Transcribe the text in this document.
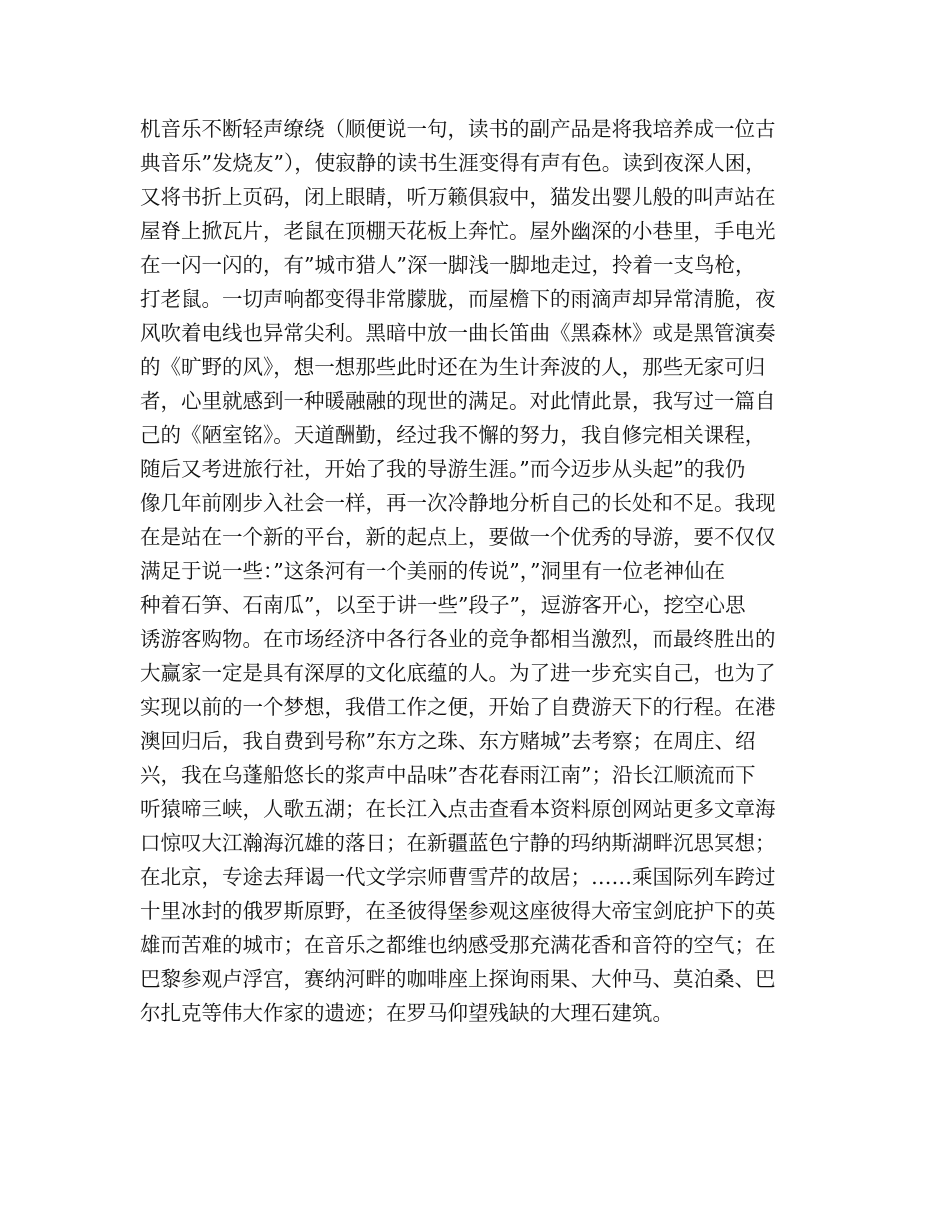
机音乐不断轻声缭绕（顺便说一句，读书的副产品是将我培养成一位古
典音乐”发烧友”），使寂静的读书生涯变得有声有色。读到夜深人困，
又将书折上页码，闭上眼睛，听万籁俱寂中，猫发出婴儿般的叫声站在
屋脊上掀瓦片，老鼠在顶棚天花板上奔忙。屋外幽深的小巷里，手电光
在一闪一闪的，有”城市猎人”深一脚浅一脚地走过，拎着一支鸟枪，
打老鼠。一切声响都变得非常朦胧，而屋檐下的雨滴声却异常清脆，夜
风吹着电线也异常尖利。黑暗中放一曲长笛曲《黑森林》或是黑管演奏
的《旷野的风》，想一想那些此时还在为生计奔波的人，那些无家可归
者，心里就感到一种暖融融的现世的满足。对此情此景，我写过一篇自
己的《陋室铭》。天道酬勤，经过我不懈的努力，我自修完相关课程，
随后又考进旅行社，开始了我的导游生涯。”而今迈步从头起”的我仍
像几年前刚步入社会一样，再一次冷静地分析自己的长处和不足。我现
在是站在一个新的平台，新的起点上，要做一个优秀的导游，要不仅仅
满足于说一些：”这条河有一个美丽的传说”，”洞里有一位老神仙在
种着石笋、石南瓜”，以至于讲一些”段子”，逗游客开心，挖空心思
诱游客购物。在市场经济中各行各业的竞争都相当激烈，而最终胜出的
大赢家一定是具有深厚的文化底蕴的人。为了进一步充实自己，也为了
实现以前的一个梦想，我借工作之便，开始了自费游天下的行程。在港
澳回归后，我自费到号称”东方之珠、东方赌城”去考察；在周庄、绍
兴，我在乌蓬船悠长的浆声中品味”杏花春雨江南”；沿长江顺流而下
听猿啼三峡，人歌五湖；在长江入点击查看本资料原创网站更多文章海
口惊叹大江瀚海沉雄的落日；在新疆蓝色宁静的玛纳斯湖畔沉思冥想；
在北京，专途去拜谒一代文学宗师曹雪芹的故居；……乘国际列车跨过
十里冰封的俄罗斯原野，在圣彼得堡参观这座彼得大帝宝剑庇护下的英
雄而苦难的城市；在音乐之都维也纳感受那充满花香和音符的空气；在
巴黎参观卢浮宫，赛纳河畔的咖啡座上探询雨果、大仲马、莫泊桑、巴
尔扎克等伟大作家的遗迹；在罗马仰望残缺的大理石建筑。
